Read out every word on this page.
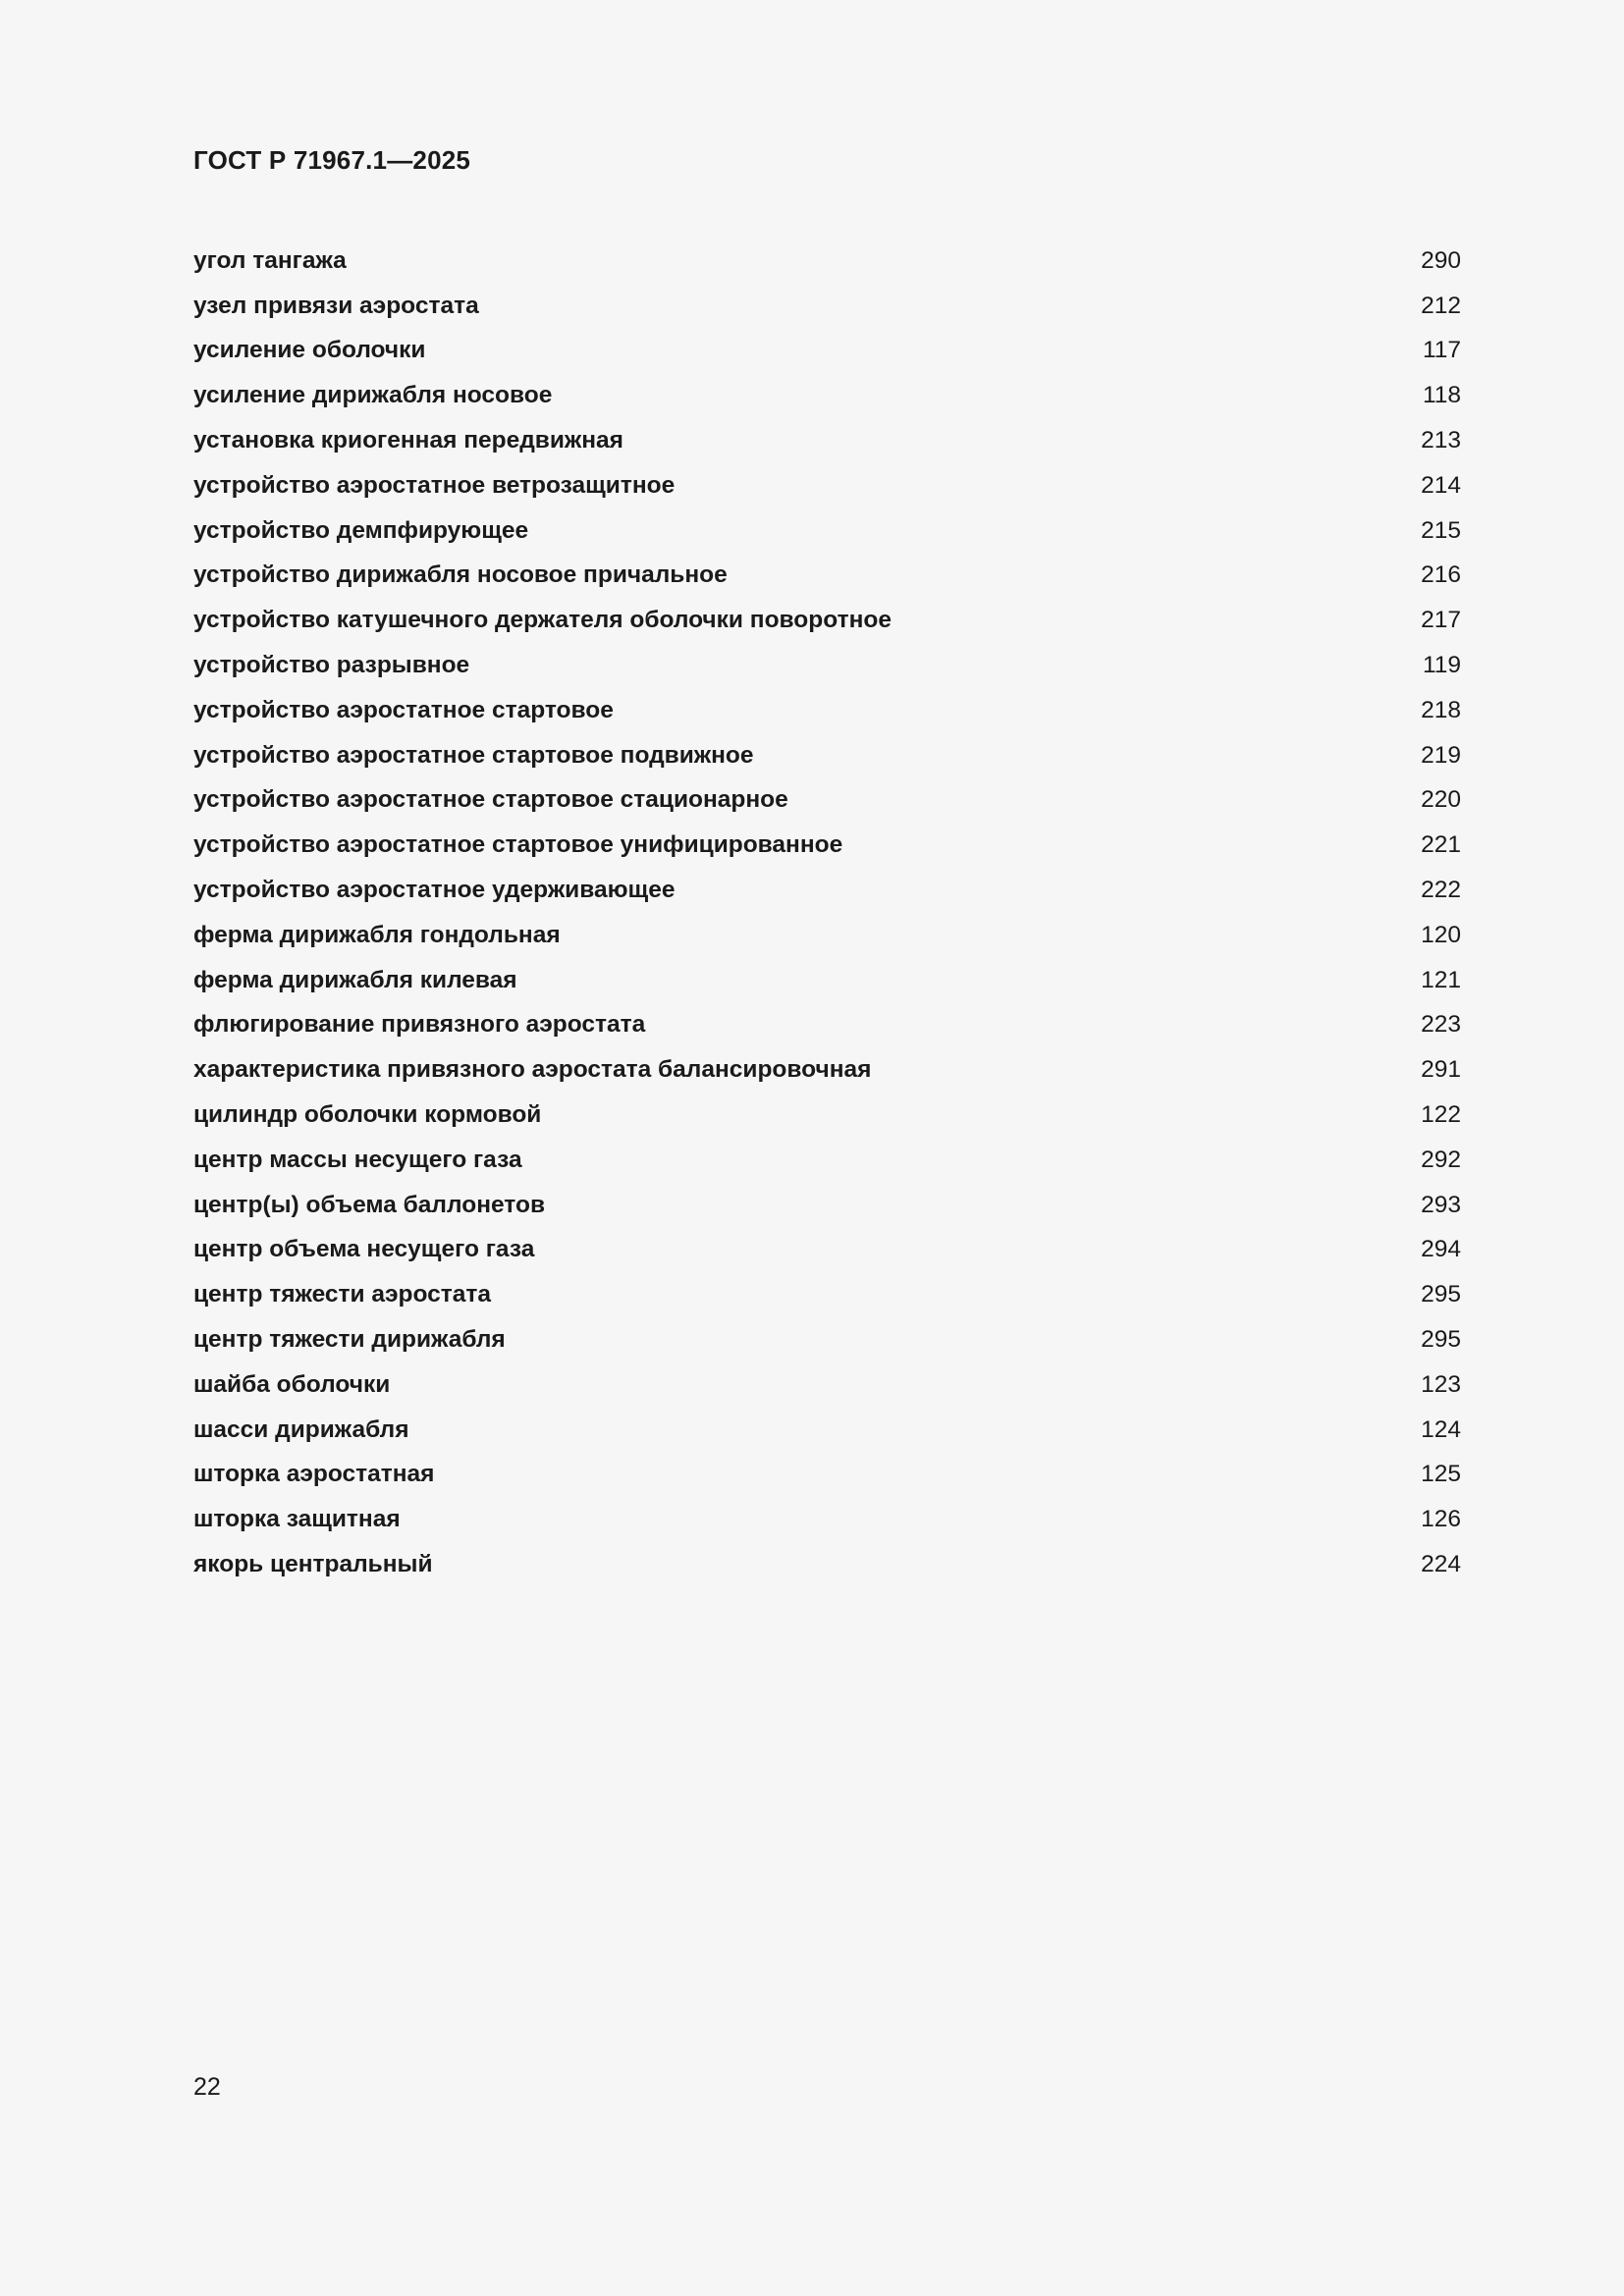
ГОСТ Р 71967.1—2025
угол тангажа	290
узел привязи аэростата	212
усиление оболочки	117
усиление дирижабля носовое	118
установка криогенная передвижная	213
устройство аэростатное ветрозащитное	214
устройство демпфирующее	215
устройство дирижабля носовое причальное	216
устройство катушечного держателя оболочки поворотное	217
устройство разрывное	119
устройство аэростатное стартовое	218
устройство аэростатное стартовое подвижное	219
устройство аэростатное стартовое стационарное	220
устройство аэростатное стартовое унифицированное	221
устройство аэростатное удерживающее	222
ферма дирижабля гондольная	120
ферма дирижабля килевая	121
флюгирование привязного аэростата	223
характеристика привязного аэростата балансировочная	291
цилиндр оболочки кормовой	122
центр массы несущего газа	292
центр(ы) объема баллонетов	293
центр объема несущего газа	294
центр тяжести аэростата	295
центр тяжести дирижабля	295
шайба оболочки	123
шасси дирижабля	124
шторка аэростатная	125
шторка защитная	126
якорь центральный	224
22
